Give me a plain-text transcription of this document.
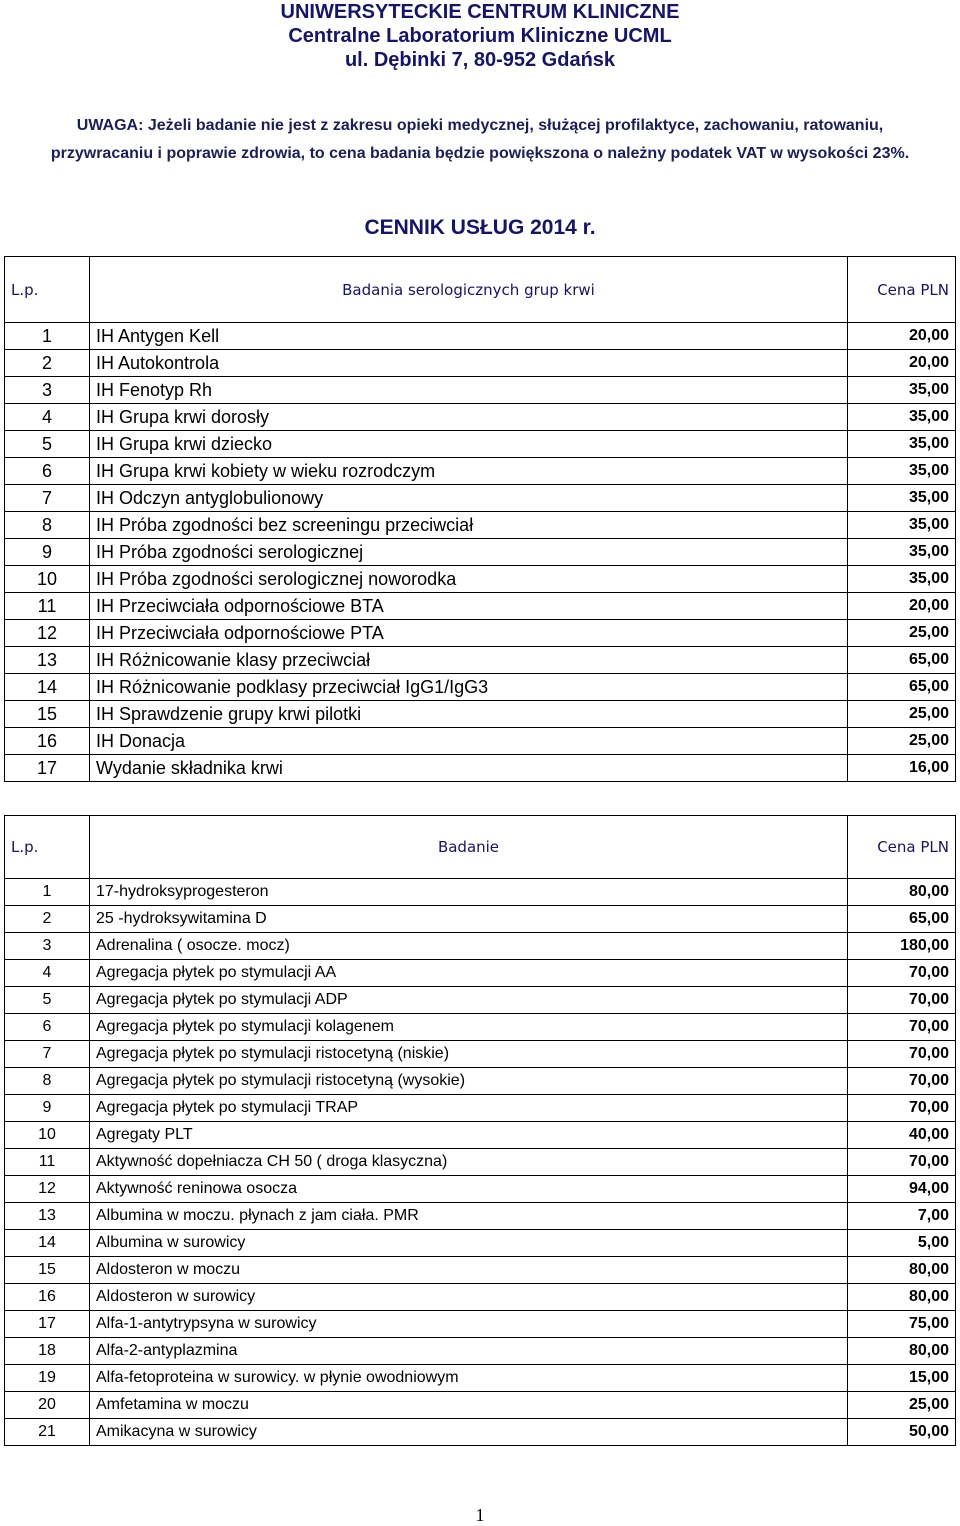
UNIWERSYTECKIE CENTRUM KLINICZNE
Centralne Laboratorium Kliniczne UCML
ul. Dębinki 7, 80-952 Gdańsk
UWAGA: Jeżeli badanie nie jest z zakresu opieki medycznej, służącej profilaktyce, zachowaniu, ratowaniu,
przywracaniu i poprawie zdrowia, to cena badania będzie powiększona o należny podatek VAT w wysokości 23%.
CENNIK USŁUG 2014 r.
L.p.	Badania serologicznych grup krwi	Cena PLN
1	IH Antygen Kell	20,00
2	IH Autokontrola	20,00
3	IH Fenotyp Rh	35,00
4	IH Grupa krwi dorosły	35,00
5	IH Grupa krwi dziecko	35,00
6	IH Grupa krwi kobiety w wieku rozrodczym	35,00
7	IH Odczyn antyglobulionowy	35,00
8	IH Próba zgodności bez screeningu przeciwciał	35,00
9	IH Próba zgodności serologicznej	35,00
10	IH Próba zgodności serologicznej noworodka	35,00
11	IH Przeciwciała odpornościowe BTA	20,00
12	IH Przeciwciała odpornościowe PTA	25,00
13	IH Różnicowanie klasy przeciwciał	65,00
14	IH Różnicowanie podklasy przeciwciał IgG1/IgG3	65,00
15	IH Sprawdzenie grupy krwi pilotki	25,00
16	IH Donacja	25,00
17	Wydanie składnika krwi	16,00
L.p.	Badanie	Cena PLN
1	17-hydroksyprogesteron	80,00
2	25 -hydroksywitamina D	65,00
3	Adrenalina ( osocze. mocz)	180,00
4	Agregacja płytek po stymulacji AA	70,00
5	Agregacja płytek po stymulacji ADP	70,00
6	Agregacja płytek po stymulacji kolagenem	70,00
7	Agregacja płytek po stymulacji ristocetyną (niskie)	70,00
8	Agregacja płytek po stymulacji ristocetyną (wysokie)	70,00
9	Agregacja płytek po stymulacji TRAP	70,00
10	Agregaty PLT	40,00
11	Aktywność dopełniacza CH 50 ( droga klasyczna)	70,00
12	Aktywność reninowa osocza	94,00
13	Albumina w moczu. płynach z jam ciała. PMR	7,00
14	Albumina w surowicy	5,00
15	Aldosteron w moczu	80,00
16	Aldosteron w surowicy	80,00
17	Alfa-1-antytrypsyna w surowicy	75,00
18	Alfa-2-antyplazmina	80,00
19	Alfa-fetoproteina w surowicy. w płynie owodniowym	15,00
20	Amfetamina w moczu	25,00
21	Amikacyna w surowicy	50,00
1
